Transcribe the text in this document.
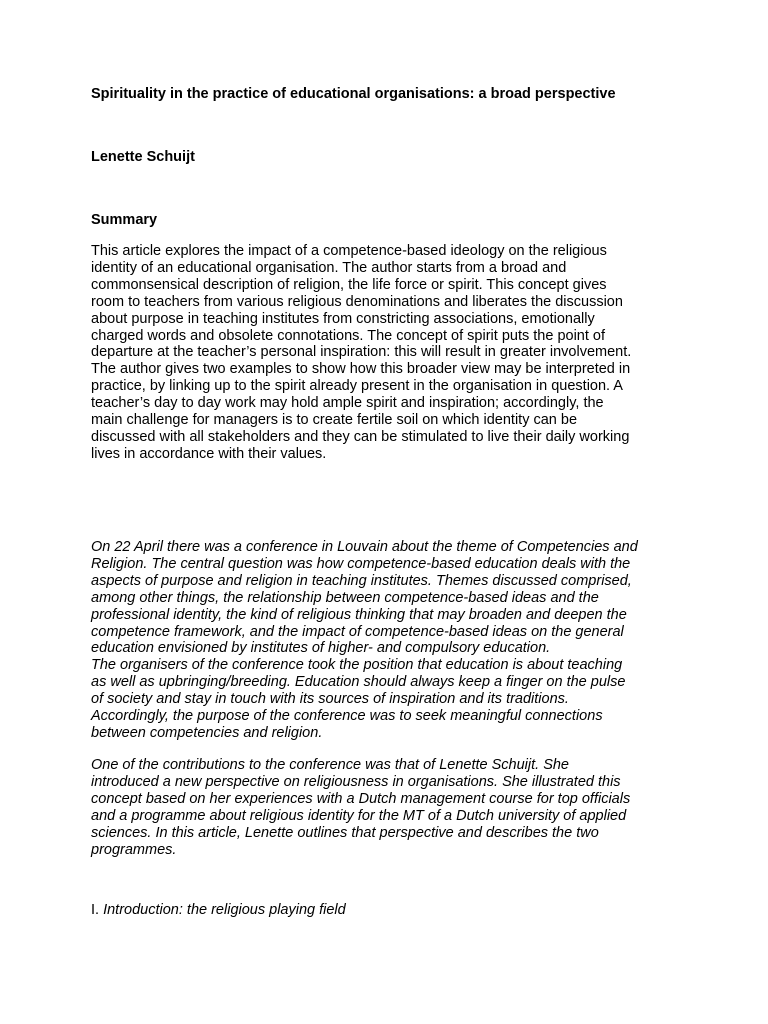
Spirituality in the practice of educational organisations: a broad perspective
Lenette Schuijt
Summary
This article explores the impact of a competence-based ideology on the religious
identity of an educational organisation. The author starts from a broad and
commonsensical description of religion, the life force or spirit. This concept gives
room to teachers from various religious denominations and liberates the discussion
about purpose in teaching institutes from constricting associations, emotionally
charged words and obsolete connotations. The concept of spirit puts the point of
departure at the teacher’s personal inspiration: this will result in greater involvement.
The author gives two examples to show how this broader view may be interpreted in
practice, by linking up to the spirit already present in the organisation in question. A
teacher’s day to day work may hold ample spirit and inspiration; accordingly, the
main challenge for managers is to create fertile soil on which identity can be
discussed with all stakeholders and they can be stimulated to live their daily working
lives in accordance with their values.
On 22 April there was a conference in Louvain about the theme of Competencies and
Religion. The central question was how competence-based education deals with the
aspects of purpose and religion in teaching institutes. Themes discussed comprised,
among other things, the relationship between competence-based ideas and the
professional identity, the kind of religious thinking that may broaden and deepen the
competence framework, and the impact of competence-based ideas on the general
education envisioned by institutes of higher- and compulsory education.
The organisers of the conference took the position that education is about teaching
as well as upbringing/breeding. Education should always keep a finger on the pulse
of society and stay in touch with its sources of inspiration and its traditions.
Accordingly, the purpose of the conference was to seek meaningful connections
between competencies and religion.
One of the contributions to the conference was that of Lenette Schuijt. She
introduced a new perspective on religiousness in organisations. She illustrated this
concept based on her experiences with a Dutch management course for top officials
and a programme about religious identity for the MT of a Dutch university of applied
sciences. In this article, Lenette outlines that perspective and describes the two
programmes.
I. Introduction: the religious playing field
